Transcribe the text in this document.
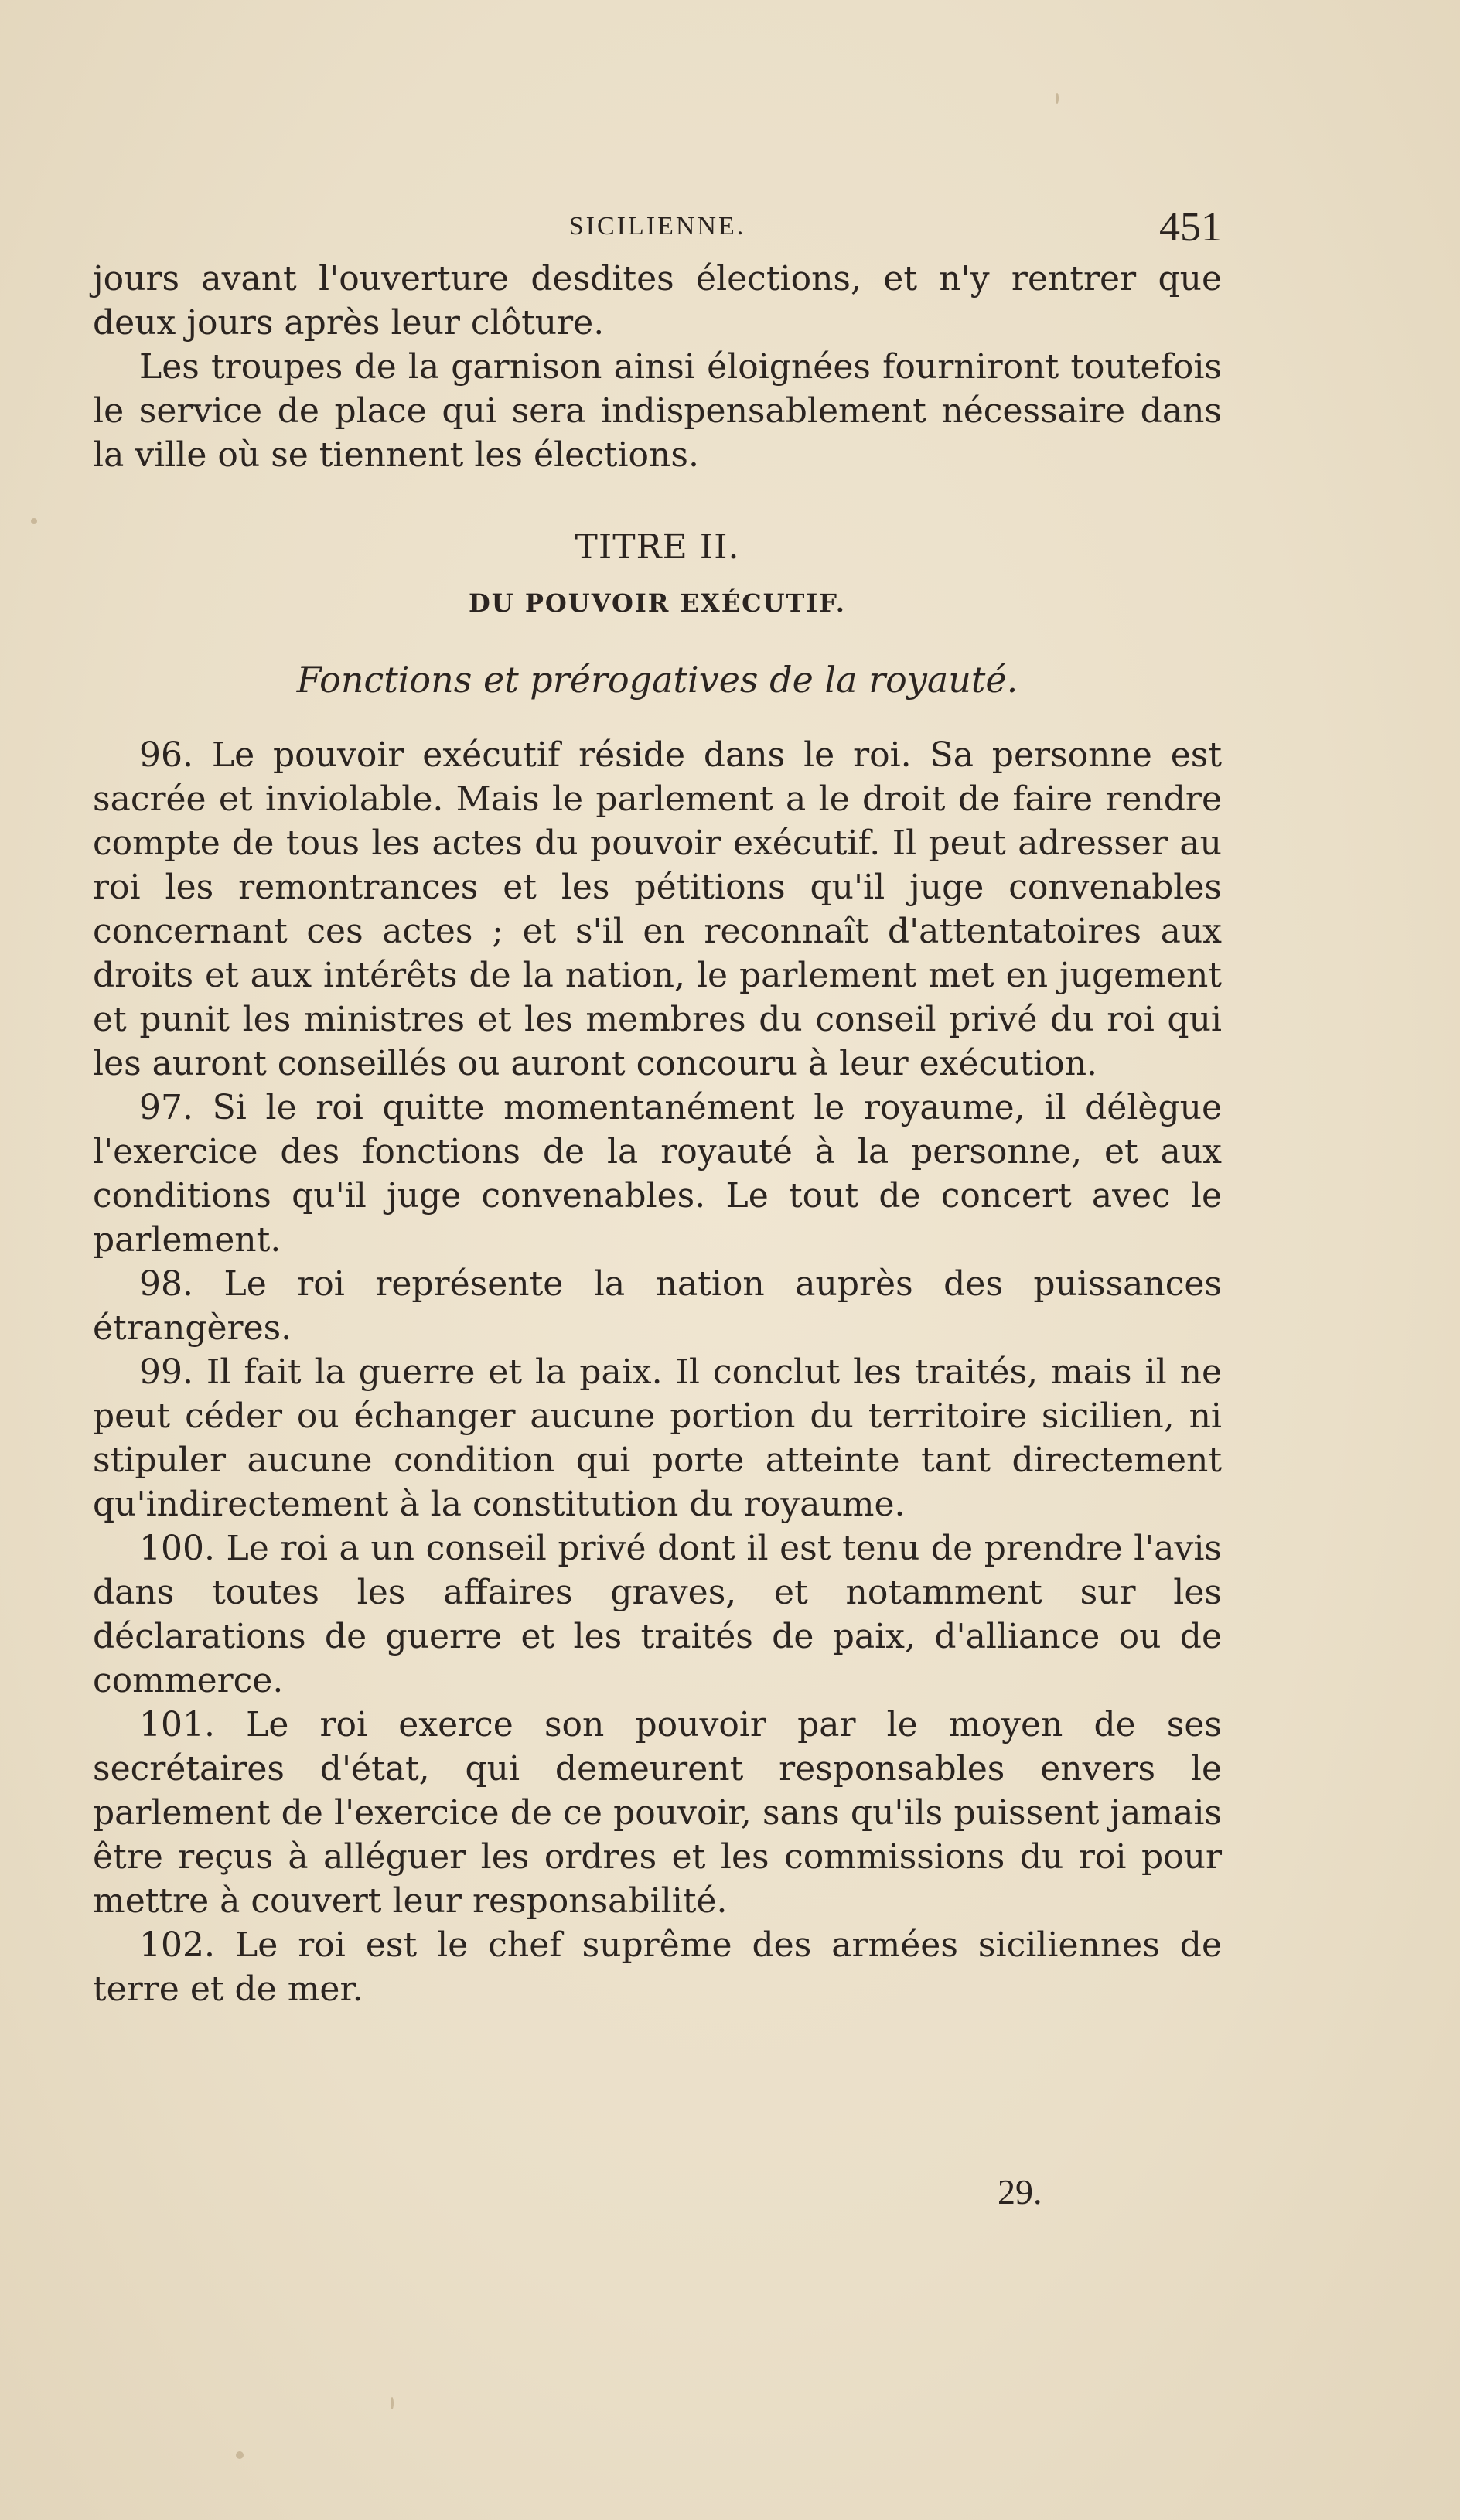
SICILIENNE.	451

jours avant l'ouverture desdites élections, et n'y rentrer que deux jours après leur clôture.

Les troupes de la garnison ainsi éloignées fourniront toutefois le service de place qui sera indispensablement nécessaire dans la ville où se tiennent les élections.

TITRE II.

DU POUVOIR EXÉCUTIF.

Fonctions et prérogatives de la royauté.

96. Le pouvoir exécutif réside dans le roi. Sa personne est sacrée et inviolable. Mais le parlement a le droit de faire rendre compte de tous les actes du pouvoir exécutif. Il peut adresser au roi les remontrances et les pétitions qu'il juge convenables concernant ces actes ; et s'il en reconnaît d'attentatoires aux droits et aux intérêts de la nation, le parlement met en jugement et punit les ministres et les membres du conseil privé du roi qui les auront conseillés ou auront concouru à leur exécution.

97. Si le roi quitte momentanément le royaume, il délègue l'exercice des fonctions de la royauté à la personne, et aux conditions qu'il juge convenables. Le tout de concert avec le parlement.

98. Le roi représente la nation auprès des puissances étrangères.

99. Il fait la guerre et la paix. Il conclut les traités, mais il ne peut céder ou échanger aucune portion du territoire sicilien, ni stipuler aucune condition qui porte atteinte tant directement qu'indirectement à la constitution du royaume.

100. Le roi a un conseil privé dont il est tenu de prendre l'avis dans toutes les affaires graves, et notamment sur les déclarations de guerre et les traités de paix, d'alliance ou de commerce.

101. Le roi exerce son pouvoir par le moyen de ses secrétaires d'état, qui demeurent responsables envers le parlement de l'exercice de ce pouvoir, sans qu'ils puissent jamais être reçus à alléguer les ordres et les commissions du roi pour mettre à couvert leur responsabilité.

102. Le roi est le chef suprême des armées siciliennes de terre et de mer.

29.
